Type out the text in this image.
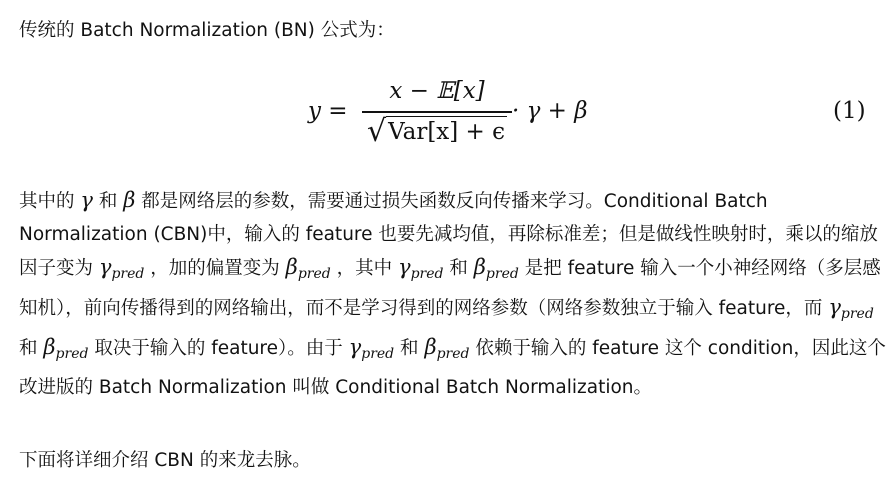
传统的 Batch Normalization (BN) 公式为：

y =
x − 𝔼[x]
√ Var[x] + ϵ
· γ + β	(1)

其中的 γ 和 β 都是网络层的参数，需要通过损失函数反向传播来学习。Conditional Batch Normalization (CBN)中，输入的 feature 也要先减均值，再除标准差；但是做线性映射时，乘以的缩放因子变为 $\gamma_{pred}$ ，加的偏置变为 $\beta_{pred}$ ，其中 $\gamma_{pred}$ 和 $\beta_{pred}$ 是把 feature 输入一个小神经网络（多层感知机），前向传播得到的网络输出，而不是学习得到的网络参数（网络参数独立于输入 feature，而 $\gamma_{pred}$ 和 $\beta_{pred}$ 取决于输入的 feature）。由于 $\gamma_{pred}$ 和 $\beta_{pred}$ 依赖于输入的 feature 这个 condition，因此这个改进版的 Batch Normalization 叫做 Conditional Batch Normalization。

下面将详细介绍 CBN 的来龙去脉。
